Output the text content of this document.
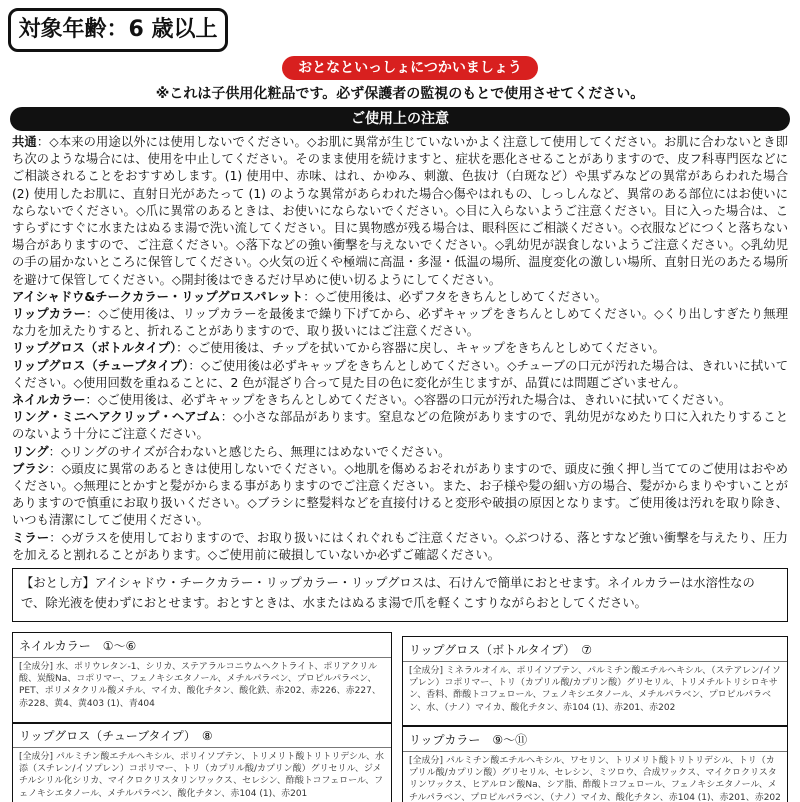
対象年齢：6 歳以上
おとなといっしょにつかいましょう
※これは子供用化粧品です。必ず保護者の監視のもとで使用させてください。
ご使用上の注意

共通：◇本来の用途以外には使用しないでください。◇お肌に異常が生じていないかよく注意して使用してください。お肌に合わないとき即ち次のような場合には、使用を中止してください。そのまま使用を続けますと、症状を悪化させることがありますので、皮フ科専門医などにご相談されることをおすすめします。(1) 使用中、赤味、はれ、かゆみ、刺激、色抜け（白斑など）や黒ずみなどの異常があらわれた場合 (2) 使用したお肌に、直射日光があたって (1) のような異常があらわれた場合◇傷やはれもの、しっしんなど、異常のある部位にはお使いにならないでください。◇爪に異常のあるときは、お使いにならないでください。◇目に入らないようご注意ください。目に入った場合は、こすらずにすぐに水またはぬるま湯で洗い流してください。目に異物感が残る場合は、眼科医にご相談ください。◇衣服などにつくと落ちない場合がありますので、ご注意ください。◇落下などの強い衝撃を与えないでください。◇乳幼児が誤食しないようご注意ください。◇乳幼児の手の届かないところに保管してください。◇火気の近くや極端に高温・多湿・低温の場所、温度変化の激しい場所、直射日光のあたる場所を避けて保管してください。◇開封後はできるだけ早めに使い切るようにしてください。

アイシャドウ&チークカラー・リップグロスパレット：◇ご使用後は、必ずフタをきちんとしめてください。

リップカラー：◇ご使用後は、リップカラーを最後まで繰り下げてから、必ずキャップをきちんとしめてください。◇くり出しすぎたり無理な力を加えたりすると、折れることがありますので、取り扱いにはご注意ください。

リップグロス（ボトルタイプ）：◇ご使用後は、チップを拭いてから容器に戻し、キャップをきちんとしめてください。

リップグロス（チューブタイプ）：◇ご使用後は必ずキャップをきちんとしめてください。◇チューブの口元が汚れた場合は、きれいに拭いてください。◇使用回数を重ねることに、2 色が混ざり合って見た目の色に変化が生じますが、品質には問題ございません。

ネイルカラー：◇ご使用後は、必ずキャップをきちんとしめてください。◇容器の口元が汚れた場合は、きれいに拭いてください。

リング・ミニヘアクリップ・ヘアゴム：◇小さな部品があります。窒息などの危険がありますので、乳幼児がなめたり口に入れたりすることのないよう十分にご注意ください。

リング：◇リングのサイズが合わないと感じたら、無理にはめないでください。

ブラシ：◇頭皮に異常のあるときは使用しないでください。◇地肌を傷めるおそれがありますので、頭皮に強く押し当ててのご使用はおやめください。◇無理にとかすと髪がからまる事がありますのでご注意ください。また、お子様や髪の細い方の場合、髪がからまりやすいことがありますので慎重にお取り扱いください。◇ブラシに整髪料などを直接付けると変形や破損の原因となります。ご使用後は汚れを取り除き、いつも清潔にしてご使用ください。

ミラー：◇ガラスを使用しておりますので、お取り扱いにはくれぐれもご注意ください。◇ぶつける、落とすなど強い衝撃を与えたり、圧力を加えると割れることがあります。◇ご使用前に破損していないか必ずご確認ください。

【おとし方】アイシャドウ・チークカラー・リップカラー・リップグロスは、石けんで簡単におとせます。ネイルカラーは水溶性なので、除光液を使わずにおとせます。おとすときは、水またはぬるま湯で爪を軽くこすりながらおとしてください。
ネイルカラー　①〜⑥
[全成分] 水、ポリウレタン-1、シリカ、ステアラルコニウムヘクトライト、ポリアクリル酸、炭酸Na、コポリマー、フェノキシエタノール、メチルパラベン、プロピルパラベン、PET、ポリメタクリル酸メチル、マイカ、酸化チタン、酸化鉄、赤202、赤226、赤227、赤228、黄4、黄403 (1)、青404
リップグロス（ボトルタイプ）　⑦
[全成分] ミネラルオイル、ポリイソブテン、パルミチン酸エチルヘキシル、（ステアレン/イソプレン）コポリマー、トリ（カプリル酸/カプリン酸）グリセリル、トリメチルトリシロキサン、香料、酢酸トコフェロール、フェノキシエタノール、メチルパラベン、プロピルパラベン、水、（ナノ）マイカ、酸化チタン、赤104 (1)、赤201、赤202
リップグロス（チューブタイプ）　⑧
[全成分] パルミチン酸エチルヘキシル、ポリイソブテン、トリメリト酸トリトリデシル、水添（スチレン/イソプレン）コポリマー、トリ（カプリル酸/カプリン酸）グリセリル、ジメチルシリル化シリカ、マイクロクリスタリンワックス、セレシン、酢酸トコフェロール、フェノキシエタノール、メチルパラベン、酸化チタン、赤104 (1)、赤201
リップカラー　⑨〜⑪
[全成分] パルミチン酸エチルヘキシル、ワセリン、トリメリト酸トリトリデシル、トリ（カプリル酸/カプリン酸）グリセリル、セレシン、ミツロウ、合成ワックス、マイクロクリスタリンワックス、ヒアルロン酸Na、シア脂、酢酸トコフェロール、フェノキシエタノール、メチルパラベン、プロピルパラベン、（ナノ）マイカ、酸化チタン、赤104 (1)、赤201、赤202
